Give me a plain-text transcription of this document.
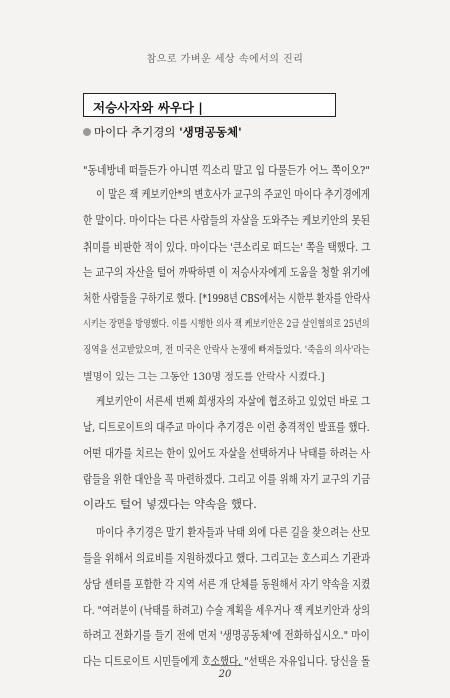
참으로 가벼운 세상 속에서의 진리
저승사자와 싸우다 |
마이다 추기경의 '생명공동체'
"동네방네 떠들든가 아니면 끽소리 말고 입 다물든가 어느 쪽이오?"
이 말은 잭 케보키안*의 변호사가 교구의 주교인 마이다 추기경에게
한 말이다. 마이다는 다른 사람들의 자살을 도와주는 케보키안의 못된
취미를 비판한 적이 있다. 마이다는 '큰소리로 떠드는' 쪽을 택했다. 그
는 교구의 자산을 털어 까딱하면 이 저승사자에게 도움을 청할 위기에
처한 사람들을 구하기로 했다. [*1998년 CBS에서는 시한부 환자를 안락사
시키는 장면을 방영했다. 이를 시행한 의사 잭 케보키안은 2급 살인혐의로 25년의
징역을 선고받았으며, 전 미국은 안락사 논쟁에 빠져들었다. '죽음의 의사'라는
별명이 있는 그는 그동안 130명 정도를 안락사 시켰다.]
케보키안이 서른세 번째 희생자의 자살에 협조하고 있었던 바로 그
날, 디트로이트의 대주교 마이다 추기경은 이런 충격적인 발표를 했다.
어떤 대가를 치르는 한이 있어도 자살을 선택하거나 낙태를 하려는 사
람들을 위한 대안을 꼭 마련하겠다. 그리고 이를 위해 자기 교구의 기금
이라도 털어 넣겠다는 약속을 했다.
마이다 추기경은 말기 환자들과 낙태 외에 다른 길을 찾으려는 산모
들을 위해서 의료비를 지원하겠다고 했다. 그리고는 호스피스 기관과
상담 센터를 포함한 각 지역 서른 개 단체를 동원해서 자기 약속을 지켰
다. "여러분이 (낙태를 하려고) 수술 계획을 세우거나 잭 케보키안과 상의
하려고 전화기를 들기 전에 먼저 '생명공동체'에 전화하십시오." 마이
다는 디트로이트 시민들에게 호소했다. "선택은 자유입니다. 당신을 돌
20
